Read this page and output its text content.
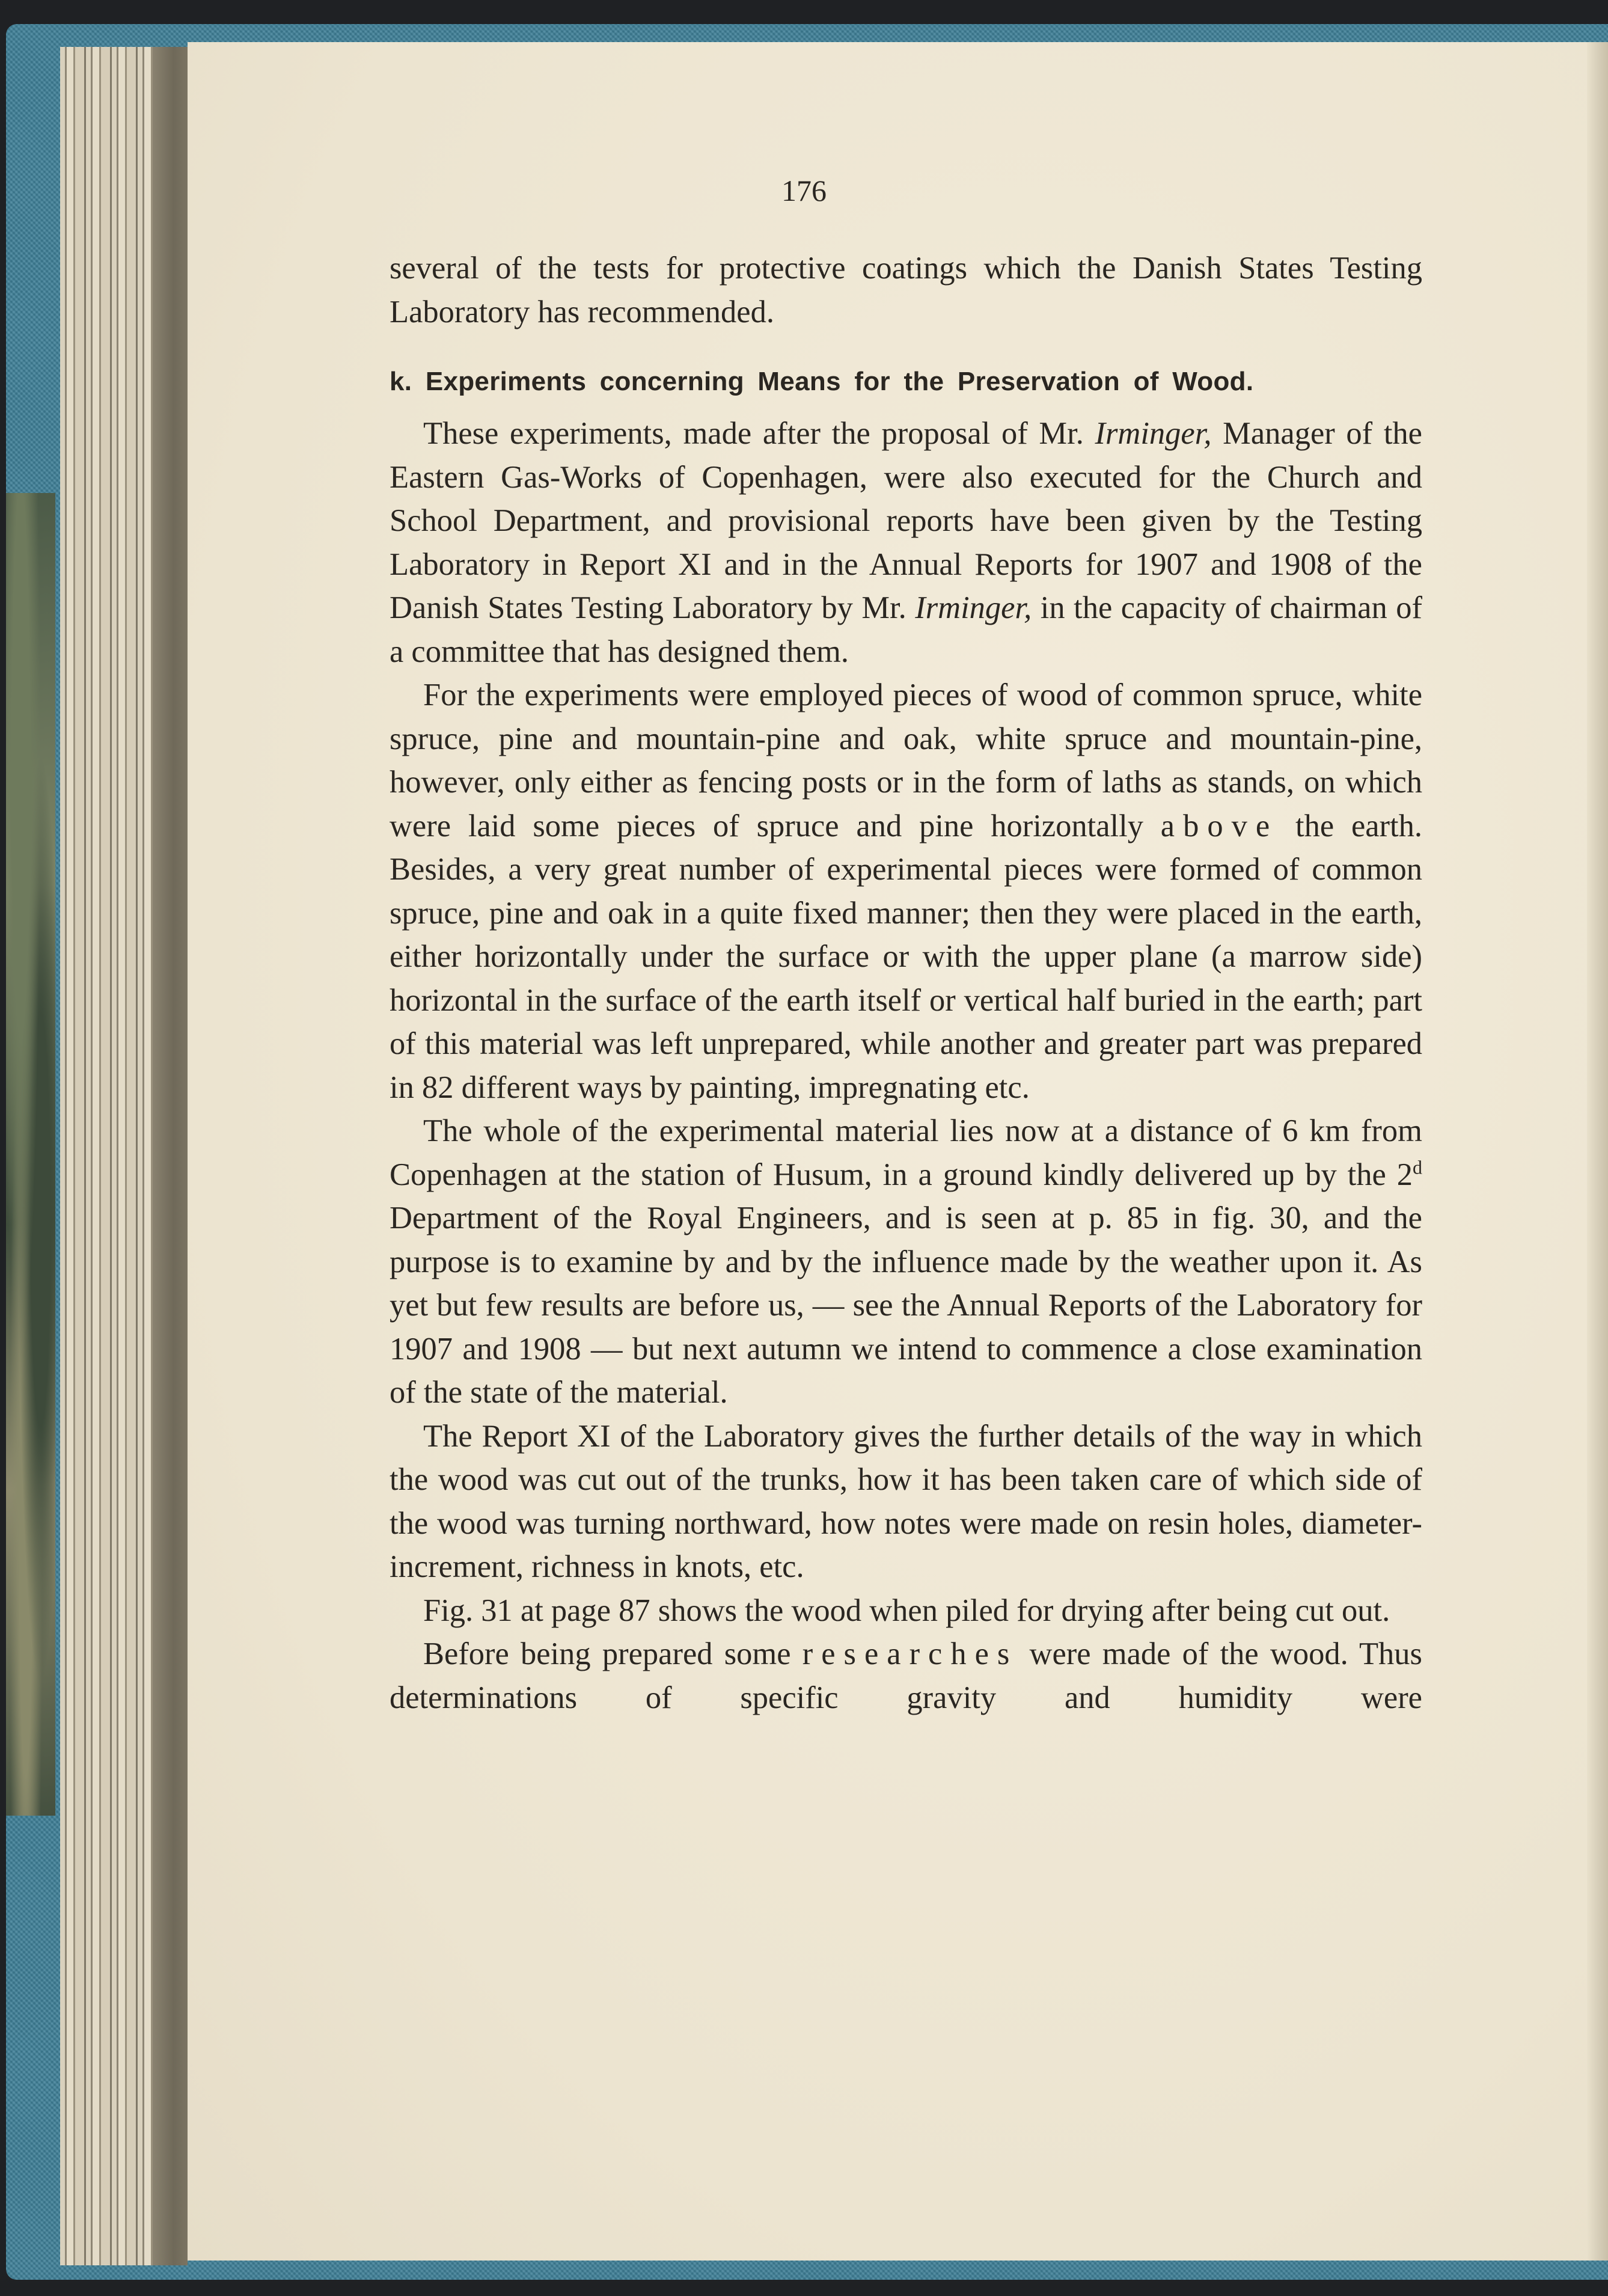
176

several of the tests for protective coatings which the Danish States Testing Laboratory has recommended.

k. Experiments concerning Means for the Preservation of Wood.

These experiments, made after the proposal of Mr. Irminger, Manager of the Eastern Gas-Works of Copenhagen, were also executed for the Church and School Department, and provisional reports have been given by the Testing Laboratory in Report XI and in the Annual Reports for 1907 and 1908 of the Danish States Testing Laboratory by Mr. Irminger, in the capacity of chairman of a committee that has designed them.

For the experiments were employed pieces of wood of common spruce, white spruce, pine and mountain-pine and oak, white spruce and mountain-pine, however, only either as fencing posts or in the form of laths as stands, on which were laid some pieces of spruce and pine horizontally above the earth. Besides, a very great number of experimental pieces were formed of common spruce, pine and oak in a quite fixed manner; then they were placed in the earth, either horizontally under the surface or with the upper plane (a marrow side) horizontal in the surface of the earth itself or vertical half buried in the earth; part of this material was left unprepared, while another and greater part was prepared in 82 different ways by painting, impregnating etc.

The whole of the experimental material lies now at a distance of 6 km from Copenhagen at the station of Husum, in a ground kindly delivered up by the 2$^d$ Department of the Royal Engineers, and is seen at p. 85 in fig. 30, and the purpose is to examine by and by the influence made by the weather upon it. As yet but few results are before us, — see the Annual Reports of the Laboratory for 1907 and 1908 — but next autumn we intend to commence a close examination of the state of the material.

The Report XI of the Laboratory gives the further details of the way in which the wood was cut out of the trunks, how it has been taken care of which side of the wood was turning northward, how notes were made on resin holes, diameter-increment, richness in knots, etc.

Fig. 31 at page 87 shows the wood when piled for drying after being cut out.

Before being prepared some researches were made of the wood. Thus determinations of specific gravity and humidity were
